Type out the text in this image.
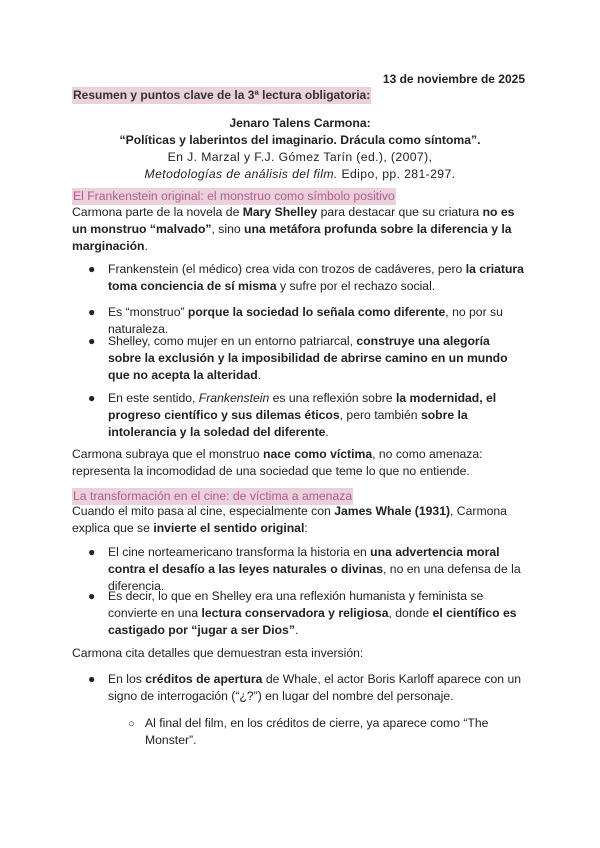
13 de noviembre de 2025
Resumen y puntos clave de la 3ª lectura obligatoria:
Jenaro Talens Carmona:
“Políticas y laberintos del imaginario. Drácula como síntoma”.
En J. Marzal y F.J. Gómez Tarín (ed.), (2007),
Metodologías de análisis del film. Edipo, pp. 281-297.
El Frankenstein original: el monstruo como símbolo positivo
Carmona parte de la novela de Mary Shelley para destacar que su criatura no es un monstruo “malvado”, sino una metáfora profunda sobre la diferencia y la marginación.
● Frankenstein (el médico) crea vida con trozos de cadáveres, pero la criatura toma conciencia de sí misma y sufre por el rechazo social.
● Es “monstruo” porque la sociedad lo señala como diferente, no por su naturaleza.
● Shelley, como mujer en un entorno patriarcal, construye una alegoría sobre la exclusión y la imposibilidad de abrirse camino en un mundo que no acepta la alteridad.
● En este sentido, Frankenstein es una reflexión sobre la modernidad, el progreso científico y sus dilemas éticos, pero también sobre la intolerancia y la soledad del diferente.
Carmona subraya que el monstruo nace como víctima, no como amenaza: representa la incomodidad de una sociedad que teme lo que no entiende.
La transformación en el cine: de víctima a amenaza
Cuando el mito pasa al cine, especialmente con James Whale (1931), Carmona explica que se invierte el sentido original:
● El cine norteamericano transforma la historia en una advertencia moral contra el desafío a las leyes naturales o divinas, no en una defensa de la diferencia.
● Es decir, lo que en Shelley era una reflexión humanista y feminista se convierte en una lectura conservadora y religiosa, donde el científico es castigado por “jugar a ser Dios”.
Carmona cita detalles que demuestran esta inversión:
● En los créditos de apertura de Whale, el actor Boris Karloff aparece con un signo de interrogación (“¿?”) en lugar del nombre del personaje.
○ Al final del film, en los créditos de cierre, ya aparece como “The Monster”.
